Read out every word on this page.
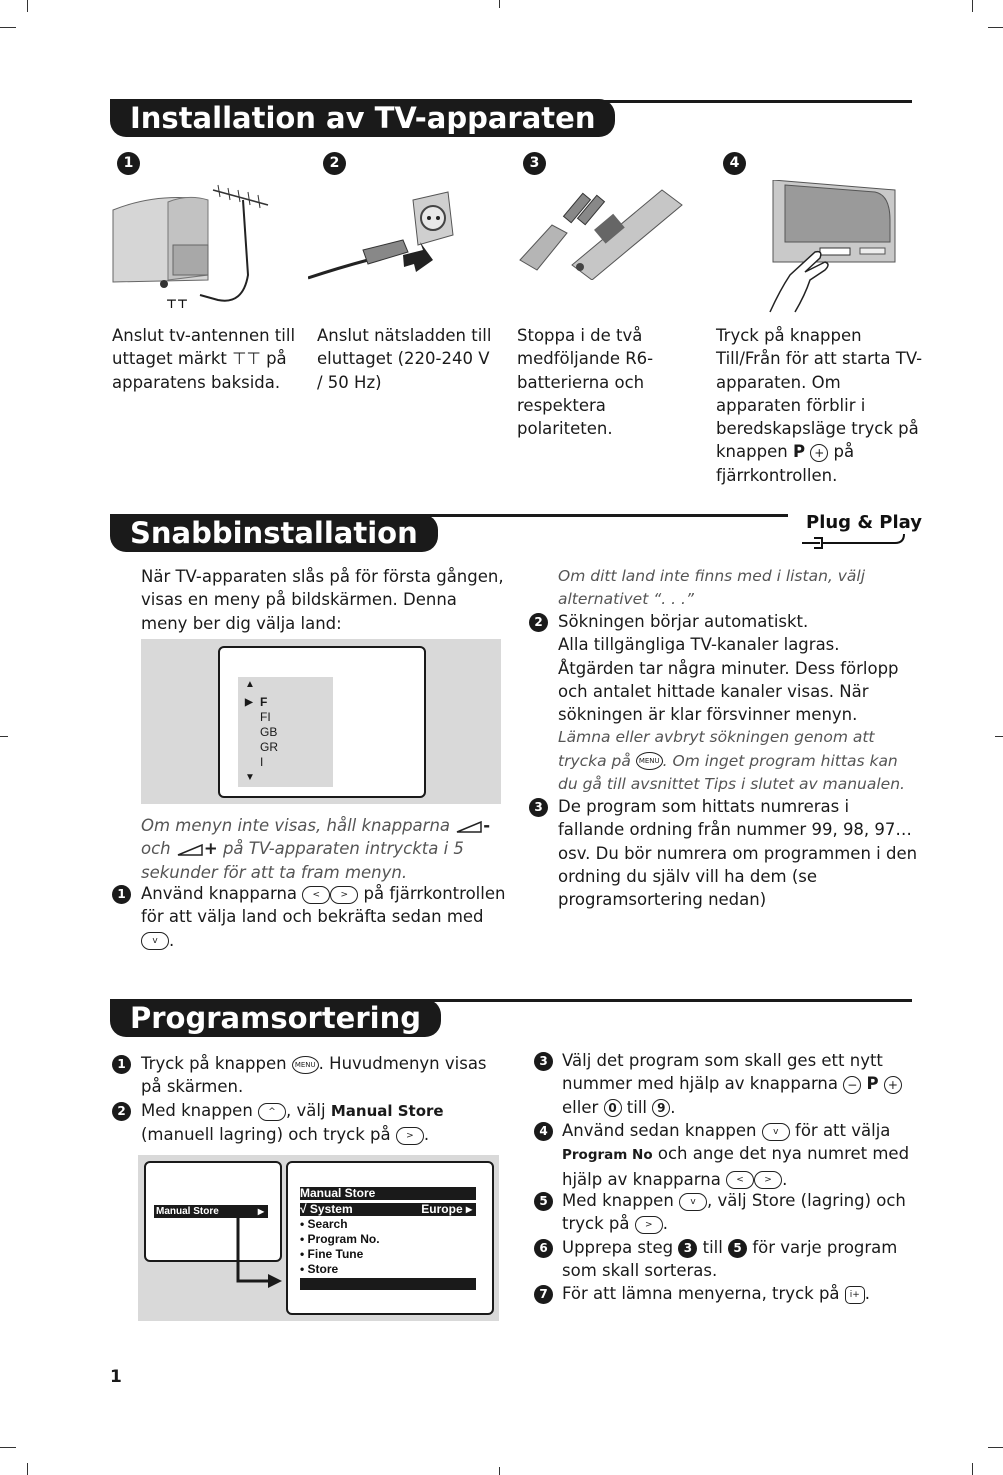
Installation av TV-apparaten
1	2	3	4
⊤⊤
Anslut tv-antennen till uttaget märkt ⊤⊤ på apparatens baksida.
Anslut nätsladden till eluttaget (220-240 V / 50 Hz)
Stoppa i de två medföljande R6-batterierna och respektera polariteten.
Tryck på knappen Till/Från för att starta TV-apparaten. Om apparaten förblir i beredskapsläge tryck på knappen P + på fjärrkontrollen.
Snabbinstallation	Plug & Play
När TV-apparaten slås på för första gången, visas en meny på bildskärmen. Denna meny ber dig välja land:
▲
▶
▼
F
FI
GB
GR
I
Om menyn inte visas, håll knapparna - och + på TV-apparaten intryckta i 5 sekunder för att ta fram menyn.
1 Använd knapparna < > på fjärrkontrollen för att välja land och bekräfta sedan med v .
Om ditt land inte finns med i listan, välj alternativet “. . .”
2 Sökningen börjar automatiskt.
Alla tillgängliga TV-kanaler lagras. Åtgärden tar några minuter. Dess förlopp och antalet hittade kanaler visas. När sökningen är klar försvinner menyn.
Lämna eller avbryt sökningen genom att trycka på MENU . Om inget program hittas kan du gå till avsnittet Tips i slutet av manualen.
3 De program som hittats numreras i fallande ordning från nummer 99, 98, 97…osv. Du bör numrera om programmen i den ordning du själv vill ha dem (se programsortering nedan)
Programsortering
1 Tryck på knappen MENU . Huvudmenyn visas på skärmen.
2 Med knappen ^ , välj Manual Store (manuell lagring) och tryck på > .
Manual Store	▶
Manual Store
√ System	Europe ▸
• Search
• Program No.
• Fine Tune
• Store
3 Välj det program som skall ges ett nytt nummer med hjälp av knapparna − P + eller 0 till 9 .
4 Använd sedan knappen v för att välja Program No och ange det nya numret med hjälp av knapparna < > .
5 Med knappen v , välj Store (lagring) och tryck på > .
6 Upprepa steg 3 till 5 för varje program som skall sorteras.
7 För att lämna menyerna, tryck på i+ .
1
